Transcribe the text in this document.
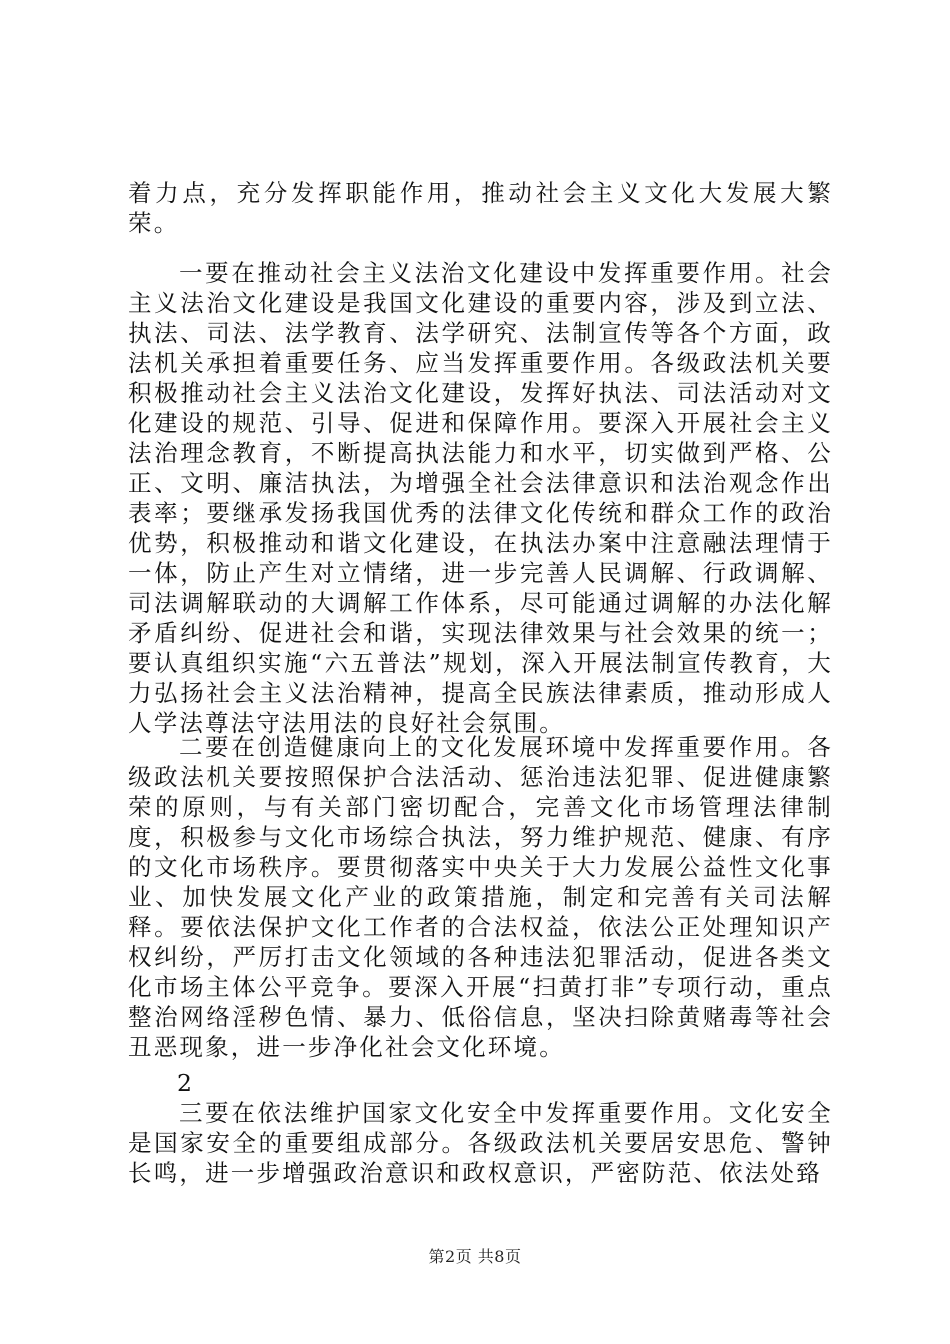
着力点，充分发挥职能作用，推动社会主义文化大发展大繁荣。

一要在推动社会主义法治文化建设中发挥重要作用。社会主义法治文化建设是我国文化建设的重要内容，涉及到立法、执法、司法、法学教育、法学研究、法制宣传等各个方面，政法机关承担着重要任务、应当发挥重要作用。各级政法机关要积极推动社会主义法治文化建设，发挥好执法、司法活动对文化建设的规范、引导、促进和保障作用。要深入开展社会主义法治理念教育，不断提高执法能力和水平，切实做到严格、公正、文明、廉洁执法，为增强全社会法律意识和法治观念作出表率；要继承发扬我国优秀的法律文化传统和群众工作的政治优势，积极推动和谐文化建设，在执法办案中注意融法理情于一体，防止产生对立情绪，进一步完善人民调解、行政调解、司法调解联动的大调解工作体系，尽可能通过调解的办法化解矛盾纠纷、促进社会和谐，实现法律效果与社会效果的统一；要认真组织实施“六五普法”规划，深入开展法制宣传教育，大力弘扬社会主义法治精神，提高全民族法律素质，推动形成人人学法尊法守法用法的良好社会氛围。

二要在创造健康向上的文化发展环境中发挥重要作用。各级政法机关要按照保护合法活动、惩治违法犯罪、促进健康繁荣的原则，与有关部门密切配合，完善文化市场管理法律制度，积极参与文化市场综合执法，努力维护规范、健康、有序的文化市场秩序。要贯彻落实中央关于大力发展公益性文化事业、加快发展文化产业的政策措施，制定和完善有关司法解释。要依法保护文化工作者的合法权益，依法公正处理知识产权纠纷，严厉打击文化领域的各种违法犯罪活动，促进各类文化市场主体公平竞争。要深入开展“扫黄打非”专项行动，重点整治网络淫秽色情、暴力、低俗信息，坚决扫除黄赌毒等社会丑恶现象，进一步净化社会文化环境。

2

三要在依法维护国家文化安全中发挥重要作用。文化安全是国家安全的重要组成部分。各级政法机关要居安思危、警钟长鸣，进一步增强政治意识和政权意识，严密防范、依法处臵

第2页 共8页
